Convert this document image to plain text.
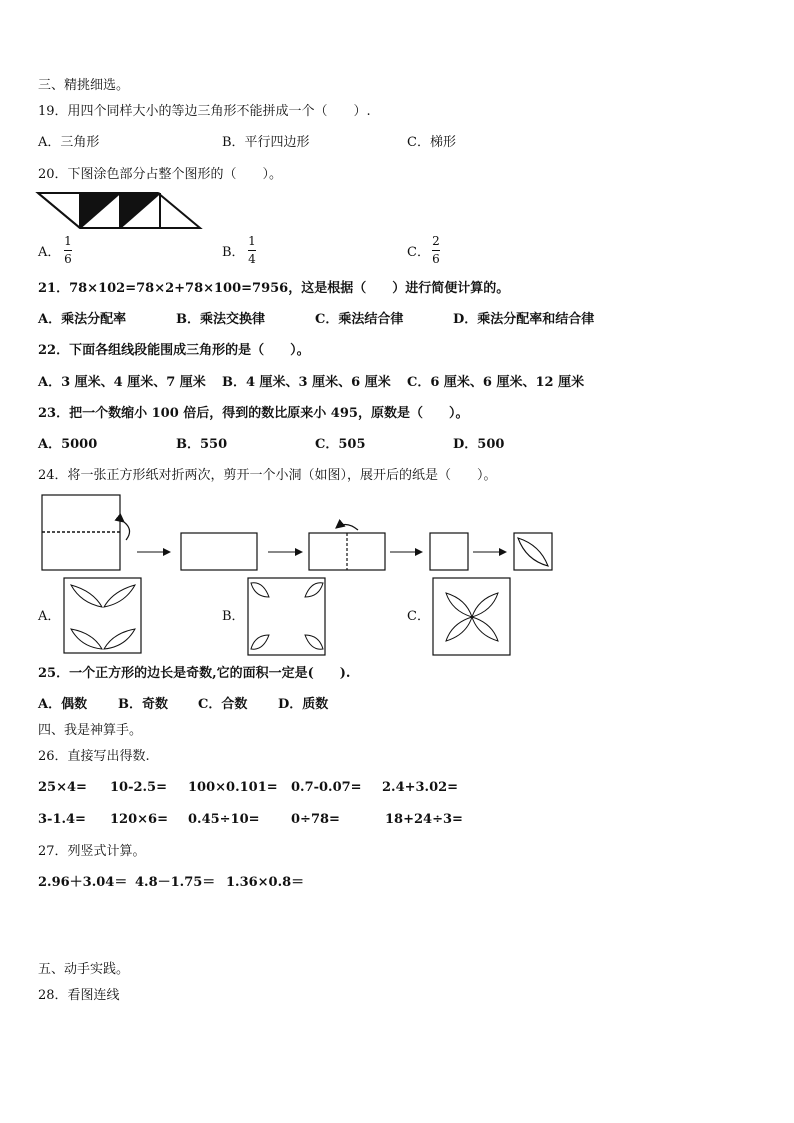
三、精挑细选。
19．用四个同样大小的等边三角形不能拼成一个（　　）.
A．三角形	B．平行四边形	C．梯形
20．下图涂色部分占整个图形的（　　）。
A．
1
6	B．
1
4	C．
2
6
21．78×102=78×2+78×100=7956，这是根据（　　）进行简便计算的。
A．乘法分配率	B．乘法交换律	C．乘法结合律	D．乘法分配率和结合律
22．下面各组线段能围成三角形的是（　　）。
A．3 厘米、4 厘米、7 厘米 B．4 厘米、3 厘米、6 厘米 C．6 厘米、6 厘米、12 厘米
23．把一个数缩小 100 倍后，得到的数比原来小 495，原数是（　　）。
A．5000	B．550	C．505	D．500
24．将一张正方形纸对折两次，剪开一个小洞（如图），展开后的纸是（　　）。
A．	B．	C．
25．一个正方形的边长是奇数,它的面积一定是(　　).
A．偶数 B．奇数 C．合数 D．质数
四、我是神算手。
26．直接写出得数.
25×4= 10-2.5= 100×0.101= 0.7-0.07= 2.4+3.02=
3-1.4= 120×6= 0.45÷10= 0÷78=	18+24÷3=
27．列竖式计算。
2.96＋3.04＝ 4.8－1.75＝ 1.36×0.8＝
五、动手实践。
28．看图连线
